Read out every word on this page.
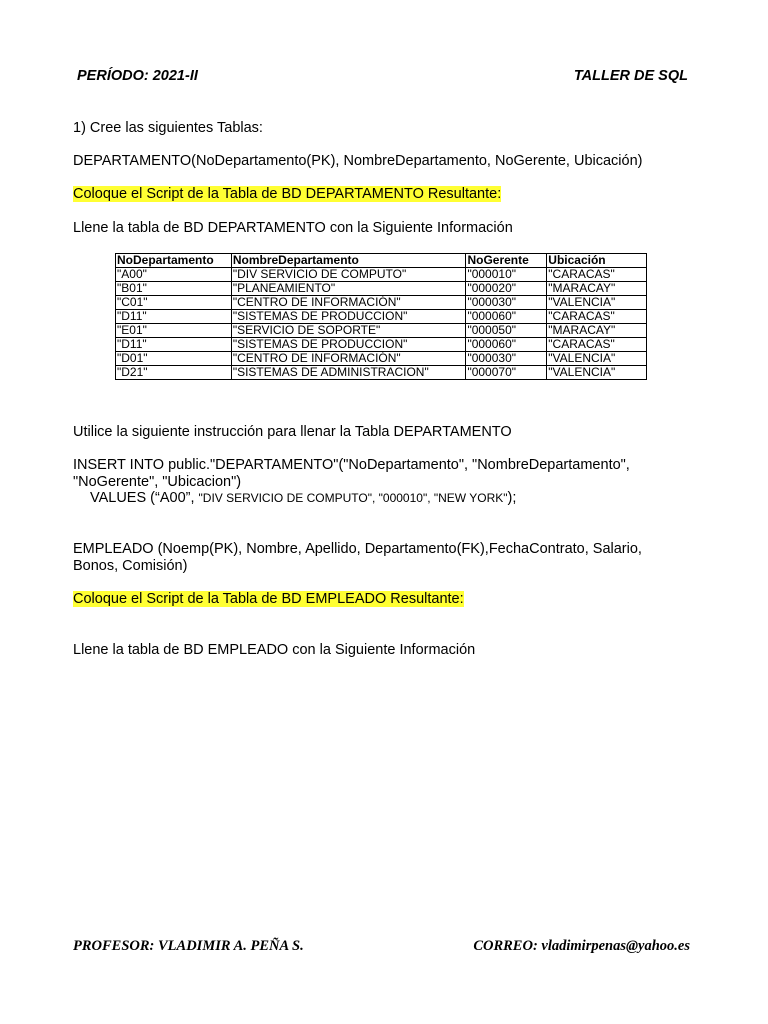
PERÍODO: 2021-II	TALLER DE SQL
1) Cree las siguientes Tablas:
DEPARTAMENTO(NoDepartamento(PK), NombreDepartamento, NoGerente, Ubicación)
Coloque el Script de la Tabla de BD DEPARTAMENTO Resultante:
Llene la tabla de BD DEPARTAMENTO con la Siguiente Información
NoDepartamento	NombreDepartamento	NoGerente	Ubicación
"A00"	"DIV SERVICIO DE COMPUTO"	"000010"	"CARACAS"
"B01"	"PLANEAMIENTO"	"000020"	"MARACAY"
"C01"	"CENTRO DE INFORMACIÓN"	"000030"	"VALENCIA"
"D11"	"SISTEMAS DE PRODUCCION"	"000060"	"CARACAS"
"E01"	"SERVICIO DE SOPORTE"	"000050"	"MARACAY"
"D11"	"SISTEMAS DE PRODUCCION"	"000060"	"CARACAS"
"D01"	"CENTRO DE INFORMACIÓN"	"000030"	"VALENCIA"
"D21"	"SISTEMAS DE ADMINISTRACION"	"000070"	"VALENCIA"
Utilice la siguiente instrucción para llenar la Tabla DEPARTAMENTO
INSERT INTO public."DEPARTAMENTO"("NoDepartamento", "NombreDepartamento",
"NoGerente", "Ubicacion")
VALUES (“A00”, "DIV SERVICIO DE COMPUTO", "000010", "NEW YORK");
EMPLEADO (Noemp(PK), Nombre, Apellido, Departamento(FK),FechaContrato, Salario,
Bonos, Comisión)
Coloque el Script de la Tabla de BD EMPLEADO Resultante:
Llene la tabla de BD EMPLEADO con la Siguiente Información
PROFESOR: VLADIMIR A. PEÑA S.	CORREO: vladimirpenas@yahoo.es
